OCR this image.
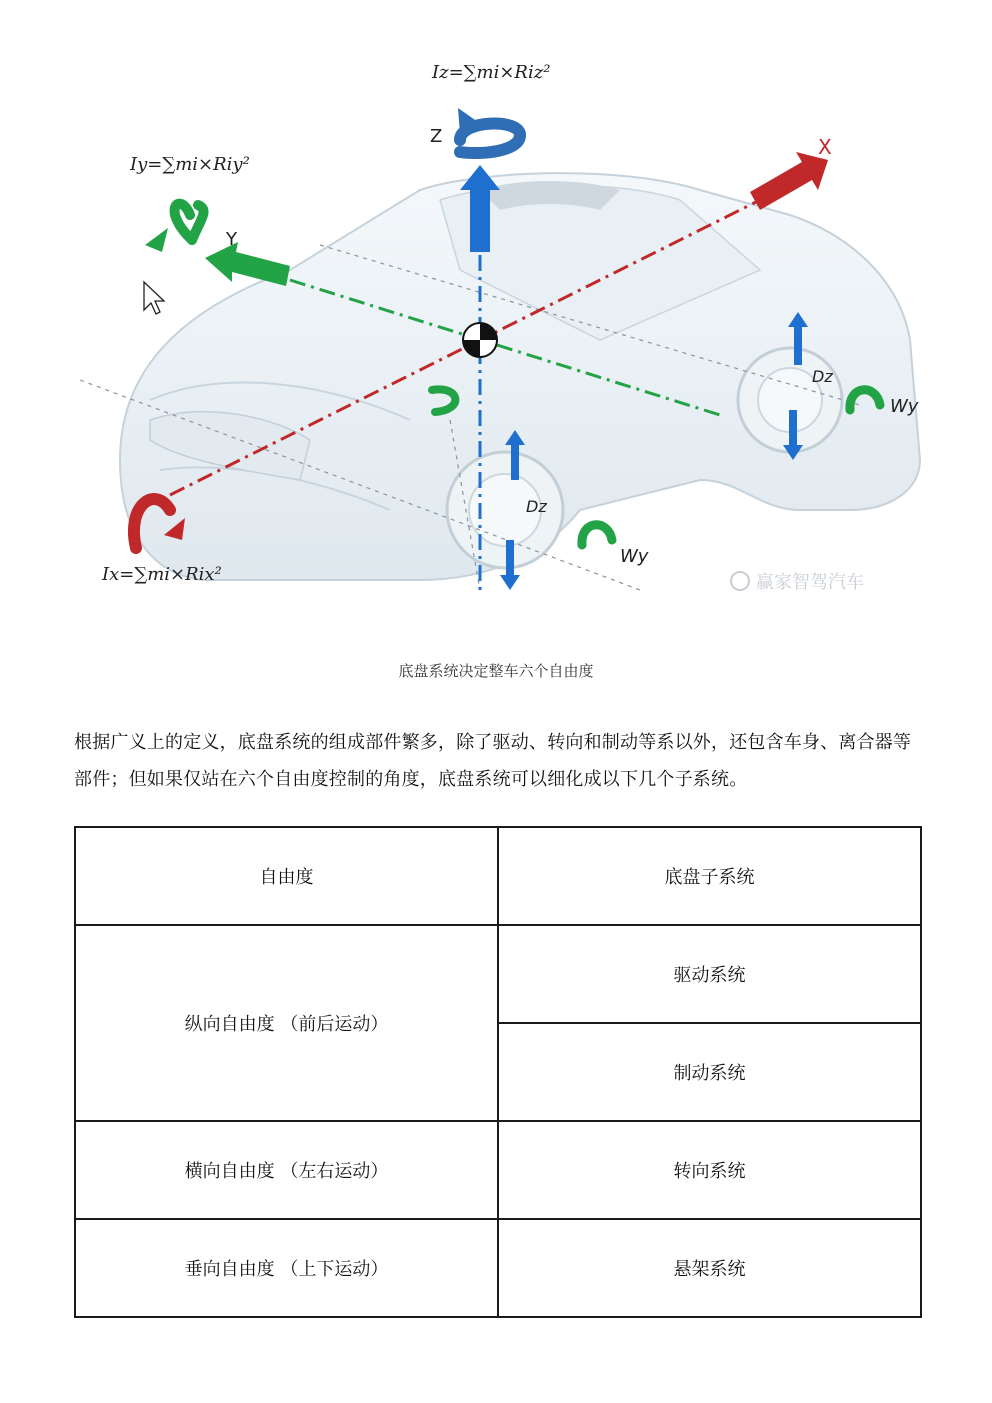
Y
X
Z
Dz
Wy
Dz
Wy
Iz=∑mi×Riz²
Iy=∑mi×Riy²
Ix=∑mi×Rix²	赢家智驾汽车
底盘系统决定整车六个自由度
根据广义上的定义，底盘系统的组成部件繁多，除了驱动、转向和制动等系以外，还包含车身、离合器等部件；但如果仅站在六个自由度控制的角度，底盘系统可以细化成以下几个子系统。
自由度	底盘子系统
纵向自由度 （前后运动）	驱动系统
	制动系统
横向自由度 （左右运动）	转向系统
垂向自由度 （上下运动）	悬架系统
